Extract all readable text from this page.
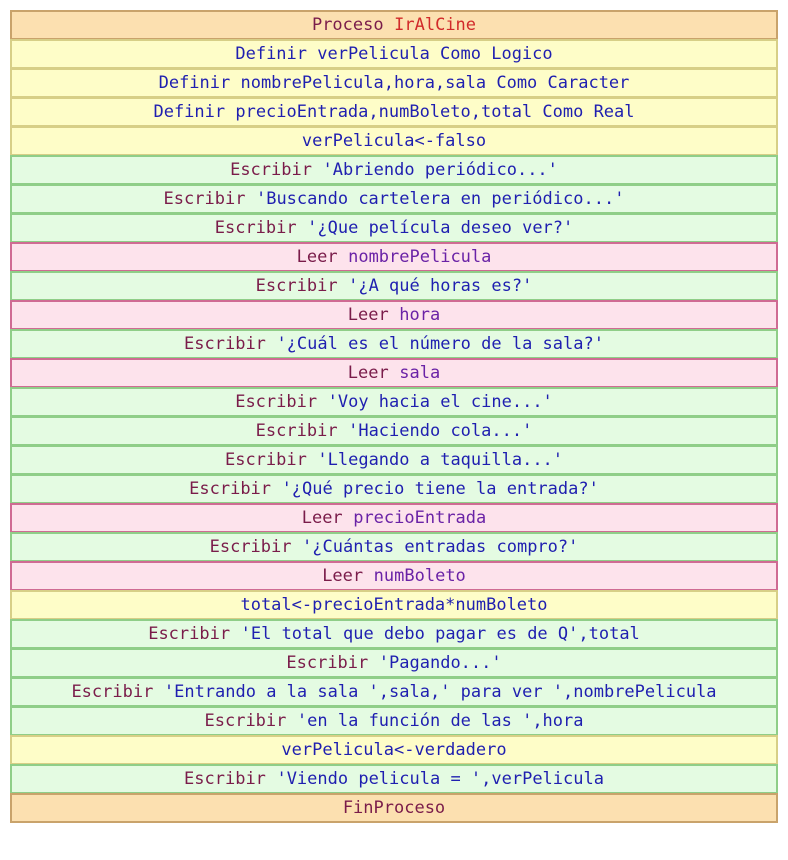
Proceso IrAlCine
Definir verPelicula Como Logico
Definir nombrePelicula,hora,sala Como Caracter
Definir precioEntrada,numBoleto,total Como Real
verPelicula<-falso
Escribir 'Abriendo periódico...'
Escribir 'Buscando cartelera en periódico...'
Escribir '¿Que película deseo ver?'
Leer nombrePelicula
Escribir '¿A qué horas es?'
Leer hora
Escribir '¿Cuál es el número de la sala?'
Leer sala
Escribir 'Voy hacia el cine...'
Escribir 'Haciendo cola...'
Escribir 'Llegando a taquilla...'
Escribir '¿Qué precio tiene la entrada?'
Leer precioEntrada
Escribir '¿Cuántas entradas compro?'
Leer numBoleto
total<-precioEntrada*numBoleto
Escribir 'El total que debo pagar es de Q',total
Escribir 'Pagando...'
Escribir 'Entrando a la sala ',sala,' para ver ',nombrePelicula
Escribir 'en la función de las ',hora
verPelicula<-verdadero
Escribir 'Viendo pelicula = ',verPelicula
FinProceso
